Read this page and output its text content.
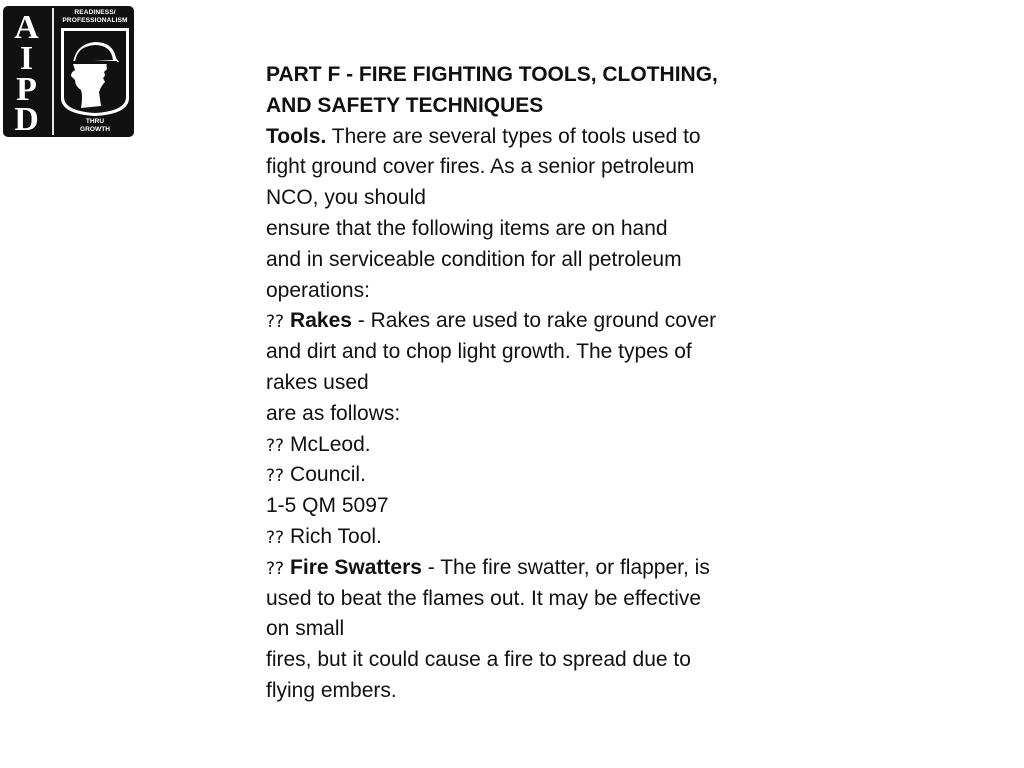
A
I
P
D
READINESS/
PROFESSIONALISM
THRU
GROWTH
PART F - FIRE FIGHTING TOOLS, CLOTHING,
AND SAFETY TECHNIQUES
Tools. There are several types of tools used to
fight ground cover fires. As a senior petroleum
NCO, you should
ensure that the following items are on hand
and in serviceable condition for all petroleum
operations:
?? Rakes - Rakes are used to rake ground cover
and dirt and to chop light growth. The types of
rakes used
are as follows:
?? McLeod.
?? Council.
1-5 QM 5097
?? Rich Tool.
?? Fire Swatters - The fire swatter, or flapper, is
used to beat the flames out. It may be effective
on small
fires, but it could cause a fire to spread due to
flying embers.
